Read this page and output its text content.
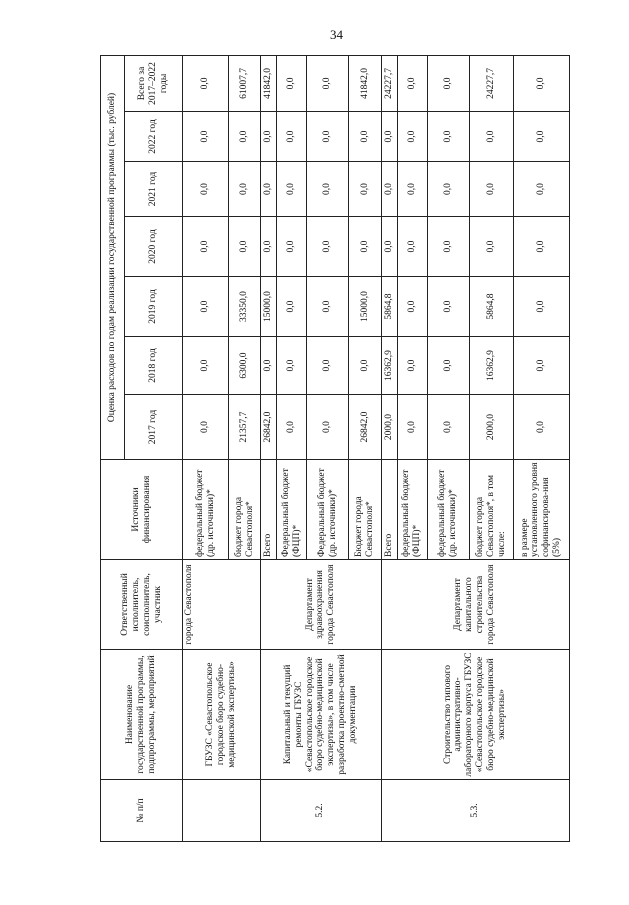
34
№ п/п	Наименование государственной программы, подпрограммы, мероприятий	Ответственный исполнитель, соисполнитель, участник	Источники финансирования	Оценка расходов по годам реализации государственной программы (тыс. рублей)						
				2017 год	2018 год	2019 год	2020 год	2021 год	2022 год	Всего за 2017–2022 годы
	ГБУЗС «Севастопольское городское бюро судебно-медицинской экспертизы»	города Севастополя	федеральный бюджет (др. источники)*	0,0	0,0	0,0	0,0	0,0	0,0	0,0
			бюджет города Севастополя*	21357,7	6300,0	33350,0	0,0	0,0	0,0	61007,7
5.2.	Капитальный и текущий ремонты ГБУЗС «Севастопольское городское бюро судебно-медицинской экспертизы», в том числе разработка проектно-сметной документации	Департамент здравоохранения города Севастополя	Всего	26842,0	0,0	15000,0	0,0	0,0	0,0	41842,0
			Федеральный бюджет (ФЦП)*	0,0	0,0	0,0	0,0	0,0	0,0	0,0
			Федеральный бюджет (др. источники)*	0,0	0,0	0,0	0,0	0,0	0,0	0,0
			Бюджет города Севастополя*	26842,0	0,0	15000,0	0,0	0,0	0,0	41842,0
5.3.	Строительство типового административно-лабораторного корпуса ГБУЗС «Севастопольское городское бюро судебно-медицинской экспертизы»	Департамент капитального строительства города Севастополя	Всего	2000,0	16362,9	5864,8	0,0	0,0	0,0	24227,7
			федеральный бюджет (ФЦП)*	0,0	0,0	0,0	0,0	0,0	0,0	0,0
			федеральный бюджет (др. источники)*	0,0	0,0	0,0	0,0	0,0	0,0	0,0
			бюджет города Севастополя*, в том числе:	2000,0	16362,9	5864,8	0,0	0,0	0,0	24227,7
			в размере установленного уровня софинансирова-ния (5%)	0,0	0,0	0,0	0,0	0,0	0,0	0,0
